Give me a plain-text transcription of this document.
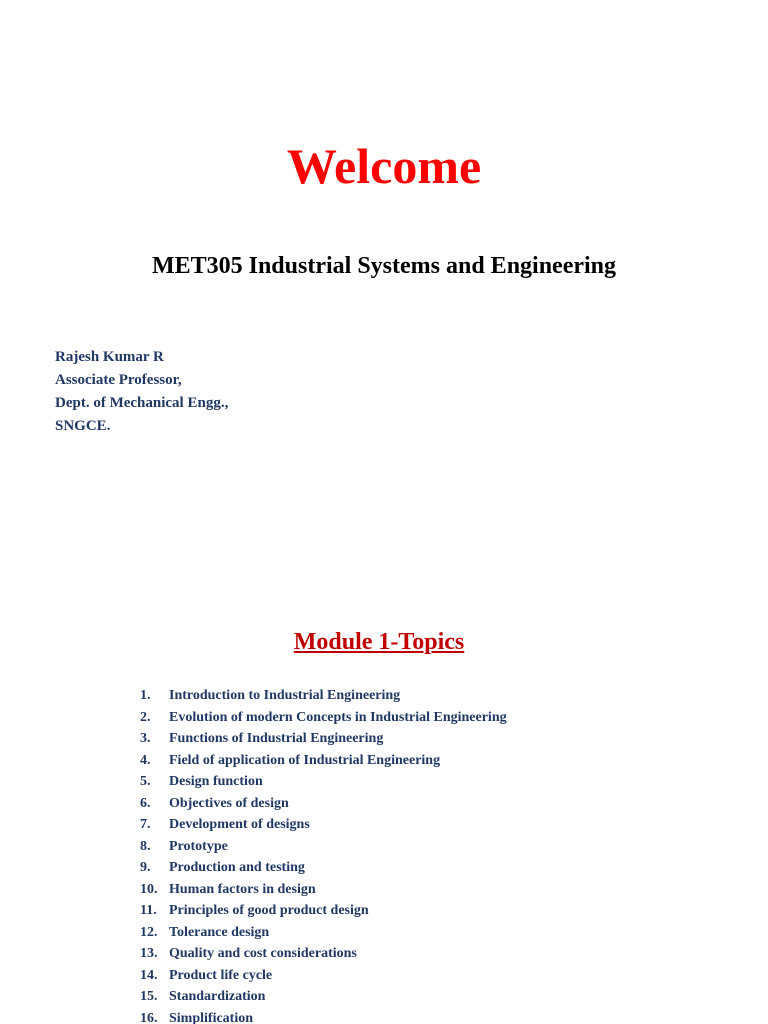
Welcome
MET305 Industrial Systems and Engineering
Rajesh Kumar R
Associate Professor,
Dept. of Mechanical Engg.,
SNGCE.
Module 1-Topics
1.	Introduction to Industrial Engineering
2.	Evolution of modern Concepts in Industrial Engineering
3.	Functions of Industrial Engineering
4.	Field of application of Industrial Engineering
5.	Design function
6.	Objectives of design
7.	Development of designs
8.	Prototype
9.	Production and testing
10. Human factors in design
11. Principles of good product design
12. Tolerance design
13. Quality and cost considerations
14. Product life cycle
15. Standardization
16. Simplification
